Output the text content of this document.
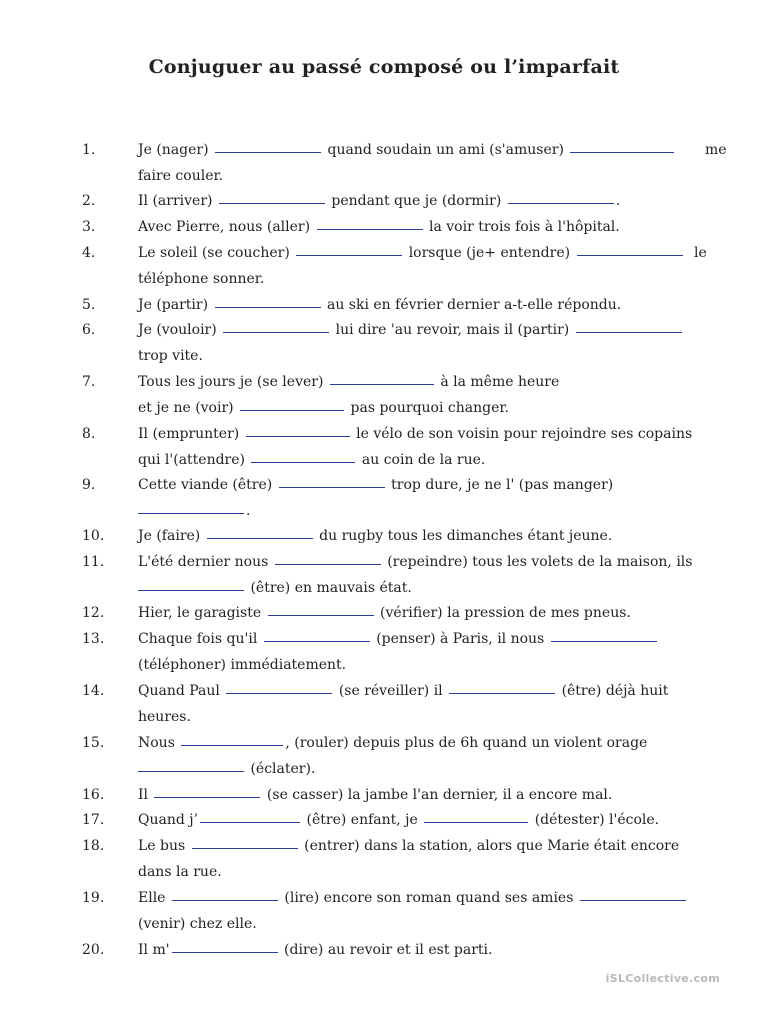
Conjuguer au passé composé ou l’imparfait
1.	Je (nager)	quand soudain un ami (s'amuser)	me
faire couler.
2.	Il (arriver)	pendant que je (dormir)	.
3.	Avec Pierre, nous (aller)	la voir trois fois à l'hôpital.
4.	Le soleil (se coucher)	lorsque (je+ entendre)	le
téléphone sonner.
5.	Je (partir)	au ski en février dernier a-t-elle répondu.
6.	Je (vouloir)	lui dire 'au revoir, mais il (partir)
trop vite.
7.	Tous les jours je (se lever)	à la même heure
et je ne (voir)	pas pourquoi changer.
8.	Il (emprunter)	le vélo de son voisin pour rejoindre ses copains
qui l'(attendre)	au coin de la rue.
9.	Cette viande (être)	trop dure, je ne l' (pas manger)
.
10.	Je (faire)	du rugby tous les dimanches étant jeune.
11.	L'été dernier nous	(repeindre) tous les volets de la maison, ils
(être) en mauvais état.
12.	Hier, le garagiste	(vérifier) la pression de mes pneus.
13.	Chaque fois qu'il	(penser) à Paris, il nous
(téléphoner) immédiatement.
14.	Quand Paul	(se réveiller) il	(être) déjà huit
heures.
15.	Nous	, (rouler) depuis plus de 6h quand un violent orage
(éclater).
16.	Il	(se casser) la jambe l'an dernier, il a encore mal.
17.	Quand j’	(être) enfant, je	(détester) l'école.
18.	Le bus	(entrer) dans la station, alors que Marie était encore
dans la rue.
19.	Elle	(lire) encore son roman quand ses amies
(venir) chez elle.
20.	Il m'	(dire) au revoir et il est parti.
iSLCollective.com
